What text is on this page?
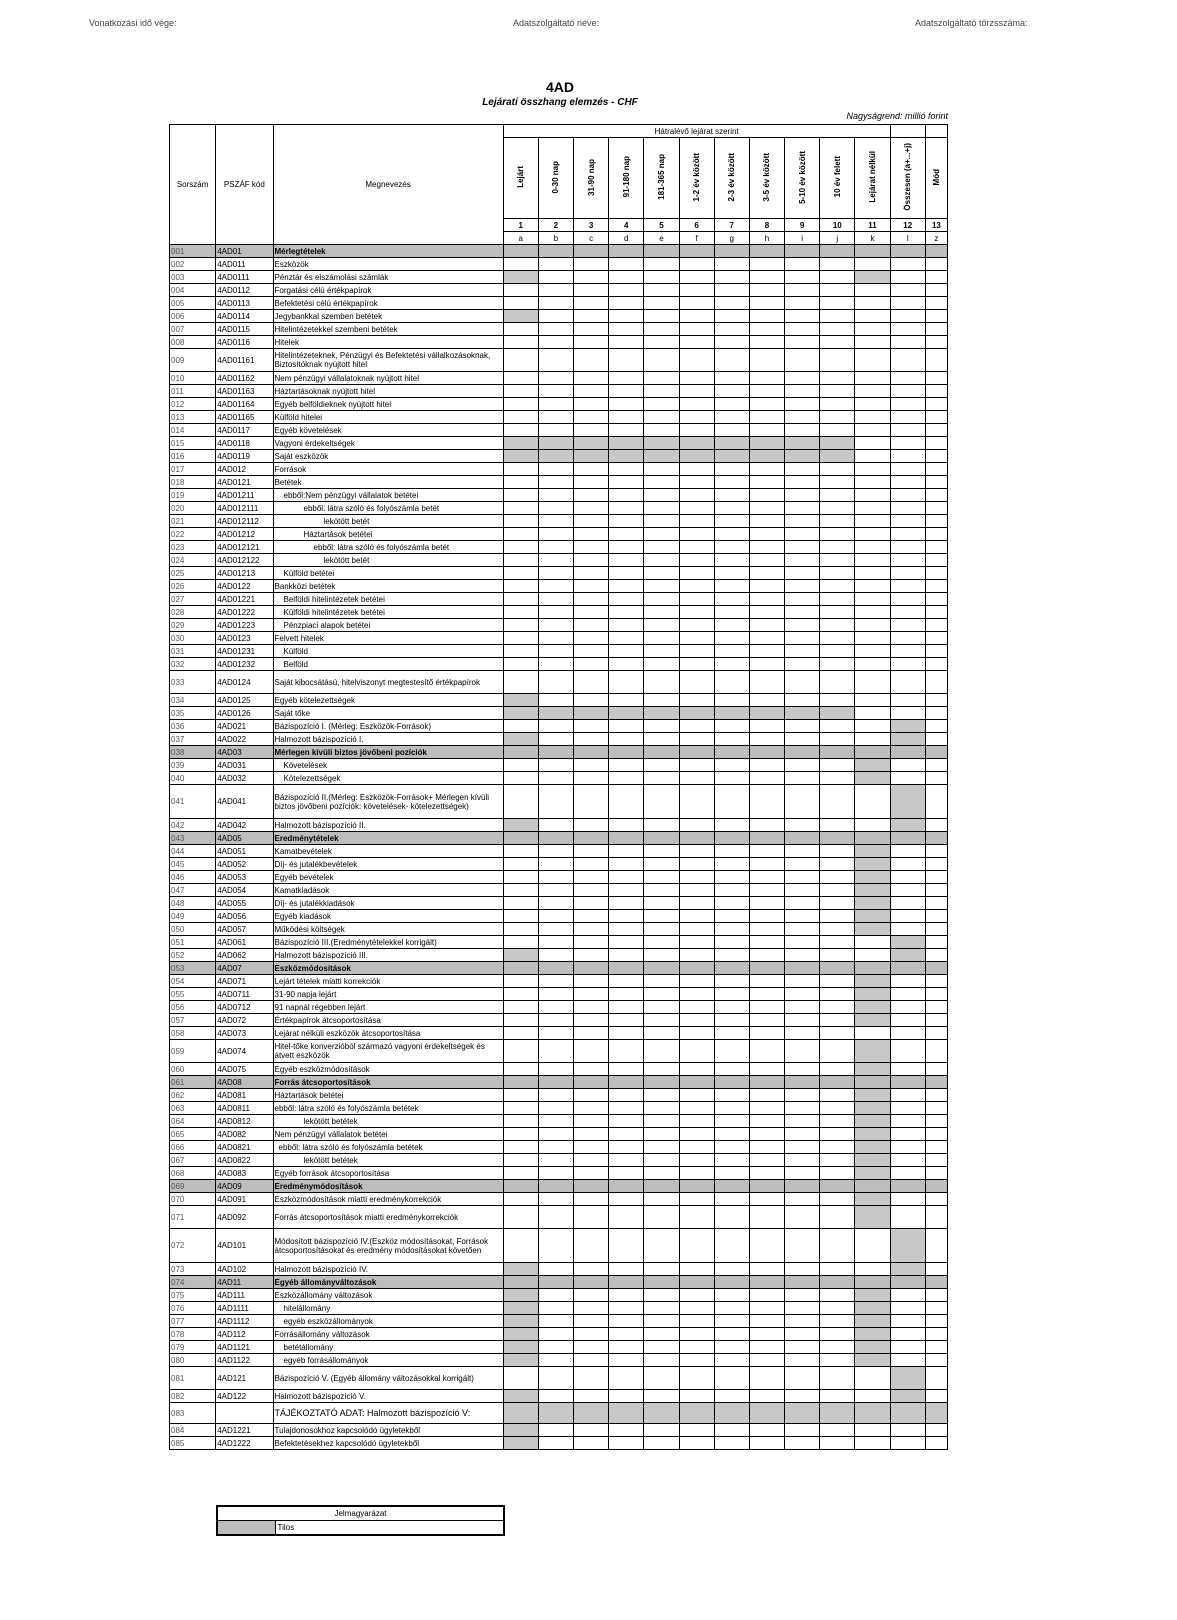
Vonatkozási idő vége:	Adatszolgáltató neve:	Adatszolgáltató törzsszáma:
4AD
Lejárati összhang elemzés - CHF
Nagyságrend: millió forint
Sorszám	PSZÁF kód	Megnevezés	Hátralévő lejárat szerint												
			Lejárt	0-30 nap	31-90 nap	91-180 nap	181-365 nap	1-2 év között	2-3 év között	3-5 év között	5-10 év között	10 év felett	Lejárat nélkül	Összesen (a+...+j)	Mód
			1	2	3	4	5	6	7	8	9	10	11	12	13
			a	b	c	d	e	f	g	h	i	j	k	l	z
001	4AD01	Mérlegtételek													
002	4AD011	Eszközök													
003	4AD0111	Pénztár és elszámolási számlák													
004	4AD0112	Forgatási célú értékpapírok													
005	4AD0113	Befektetési célú értékpapírok													
006	4AD0114	Jegybankkal szemben betétek													
007	4AD0115	Hitelintézetekkel szembeni betétek													
008	4AD0116	Hitelek													
009	4AD01161	Hitelintézeteknek, Pénzügyi és Befektetési vállalkozásoknak, Biztosítóknak nyújtott hitel													
010	4AD01162	Nem pénzügyi vállalatoknak nyújtott hitel													
011	4AD01163	Háztartásoknak nyújtott hitel													
012	4AD01164	Egyéb belföldieknek nyújtott hitel													
013	4AD01165	Külföld hitelei													
014	4AD0117	Egyéb követelések													
015	4AD0118	Vagyoni érdekeltségek													
016	4AD0119	Saját eszközök													
017	4AD012	Források													
018	4AD0121	Betétek													
019	4AD01211	ebből:Nem pénzügyi vállalatok betétei													
020	4AD012111	ebből: látra szóló és folyószámla betét													
021	4AD012112	lekötött betét													
022	4AD01212	Háztartások betétei													
023	4AD012121	ebből: látra szóló és folyószámla betét													
024	4AD012122	lekötött betét													
025	4AD01213	Külföld betétei													
026	4AD0122	Bankközi betétek													
027	4AD01221	Belföldi hitelintézetek betétei													
028	4AD01222	Külföldi hitelintézetek betétei													
029	4AD01223	Pénzpiaci alapok betétei													
030	4AD0123	Felvett hitelek													
031	4AD01231	Külföld													
032	4AD01232	Belföld													
033	4AD0124	Saját kibocsátású, hitelviszonyt megtestesítő értékpapírok													
034	4AD0125	Egyéb kötelezettségek													
035	4AD0126	Saját tőke													
036	4AD021	Bázispozíció I. (Mérleg: Eszközök-Források)													
037	4AD022	Halmozott bázispozíció I.													
038	4AD03	Mérlegen kívüli biztos jövőbeni pozíciók													
039	4AD031	Követelések													
040	4AD032	Kötelezettségek													
041	4AD041	Bázispozíció II.(Mérleg: Eszközök-Források+ Mérlegen kívüli biztos jövőbeni pozíciók: követelések- kötelezettségek)													
042	4AD042	Halmozott bázispozíció II.													
043	4AD05	Eredménytételek													
044	4AD051	Kamatbevételek													
045	4AD052	Díj- és jutalékbevételek													
046	4AD053	Egyéb bevételek													
047	4AD054	Kamatkiadások													
048	4AD055	Díj- és jutalékkiadások													
049	4AD056	Egyéb kiadások													
050	4AD057	Működési költségek													
051	4AD061	Bázispozíció III.(Eredménytételekkel korrigált)													
052	4AD062	Halmozott bázispozíció III.													
053	4AD07	Eszközmódosítások													
054	4AD071	Lejárt tételek miatti korrekciók													
055	4AD0711	31-90 napja lejárt													
056	4AD0712	91 napnál régebben lejárt													
057	4AD072	Értékpapírok átcsoportosítása													
058	4AD073	Lejárat nélküli eszközök átcsoportosítása													
059	4AD074	Hitel-tőke konverzióból származó vagyoni érdekeltségek és átvett eszközök													
060	4AD075	Egyéb eszközmódosítások													
061	4AD08	Forrás átcsoportosítások													
062	4AD081	Háztartások betétei													
063	4AD0811	ebből: látra szóló és folyószámla betétek													
064	4AD0812	lekötött betétek													
065	4AD082	Nem pénzügyi vállalatok betétei													
066	4AD0821	ebből: látra szóló és folyószámla betétek													
067	4AD0822	lekötött betétek													
068	4AD083	Egyéb források átcsoportosítása													
069	4AD09	Eredménymódosítások													
070	4AD091	Eszközmódosítások miatti eredménykorrekciók													
071	4AD092	Forrás átcsoportosítások miatti eredménykorrekciók													
072	4AD101	Módosított bázispozíció IV.(Eszköz módosításokat, Források átcsoportosításokat és eredmény módosításokat követően													
073	4AD102	Halmozott bázispozíció IV.													
074	4AD11	Egyéb állományváltozások													
075	4AD111	Eszközállomány változások													
076	4AD1111	hitelállomány													
077	4AD1112	egyéb eszközállományok													
078	4AD112	Forrásállomány változások													
079	4AD1121	betétállomány													
080	4AD1122	egyéb forrásállományok													
081	4AD121	Bázispozíció V. (Egyéb állomány változásokkal korrigált)													
082	4AD122	Halmozott bázispozíció V.													
083		TÁJÉKOZTATÓ ADAT: Halmozott bázispozíció V:													
084	4AD1221	Tulajdonosokhoz kapcsolódó ügyletekből													
085	4AD1222	Befektetésekhez kapcsolódó ügyletekből													
Jelmagyarázat
	Tilos
